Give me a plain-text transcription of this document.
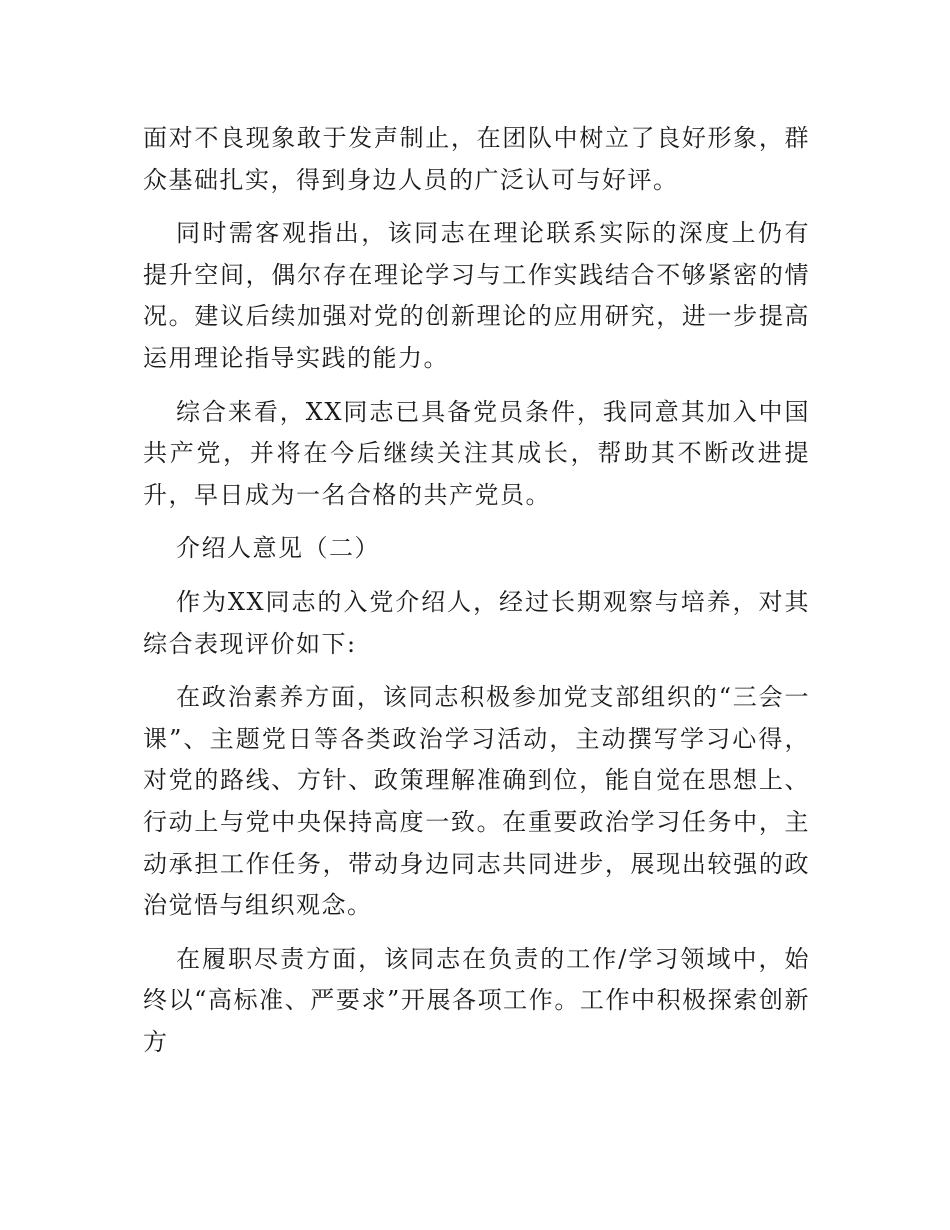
面对不良现象敢于发声制止，在团队中树立了良好形象，群众基础扎实，得到身边人员的广泛认可与好评。

同时需客观指出，该同志在理论联系实际的深度上仍有提升空间，偶尔存在理论学习与工作实践结合不够紧密的情况。建议后续加强对党的创新理论的应用研究，进一步提高运用理论指导实践的能力。

综合来看，XX同志已具备党员条件，我同意其加入中国共产党，并将在今后继续关注其成长，帮助其不断改进提升，早日成为一名合格的共产党员。

介绍人意见（二）

作为XX同志的入党介绍人，经过长期观察与培养，对其综合表现评价如下:

在政治素养方面，该同志积极参加党支部组织的“三会一课”、主题党日等各类政治学习活动，主动撰写学习心得，对党的路线、方针、政策理解准确到位，能自觉在思想上、行动上与党中央保持高度一致。在重要政治学习任务中，主动承担工作任务，带动身边同志共同进步，展现出较强的政治觉悟与组织观念。

在履职尽责方面，该同志在负责的工作/学习领域中，始终以“高标准、严要求”开展各项工作。工作中积极探索创新方
